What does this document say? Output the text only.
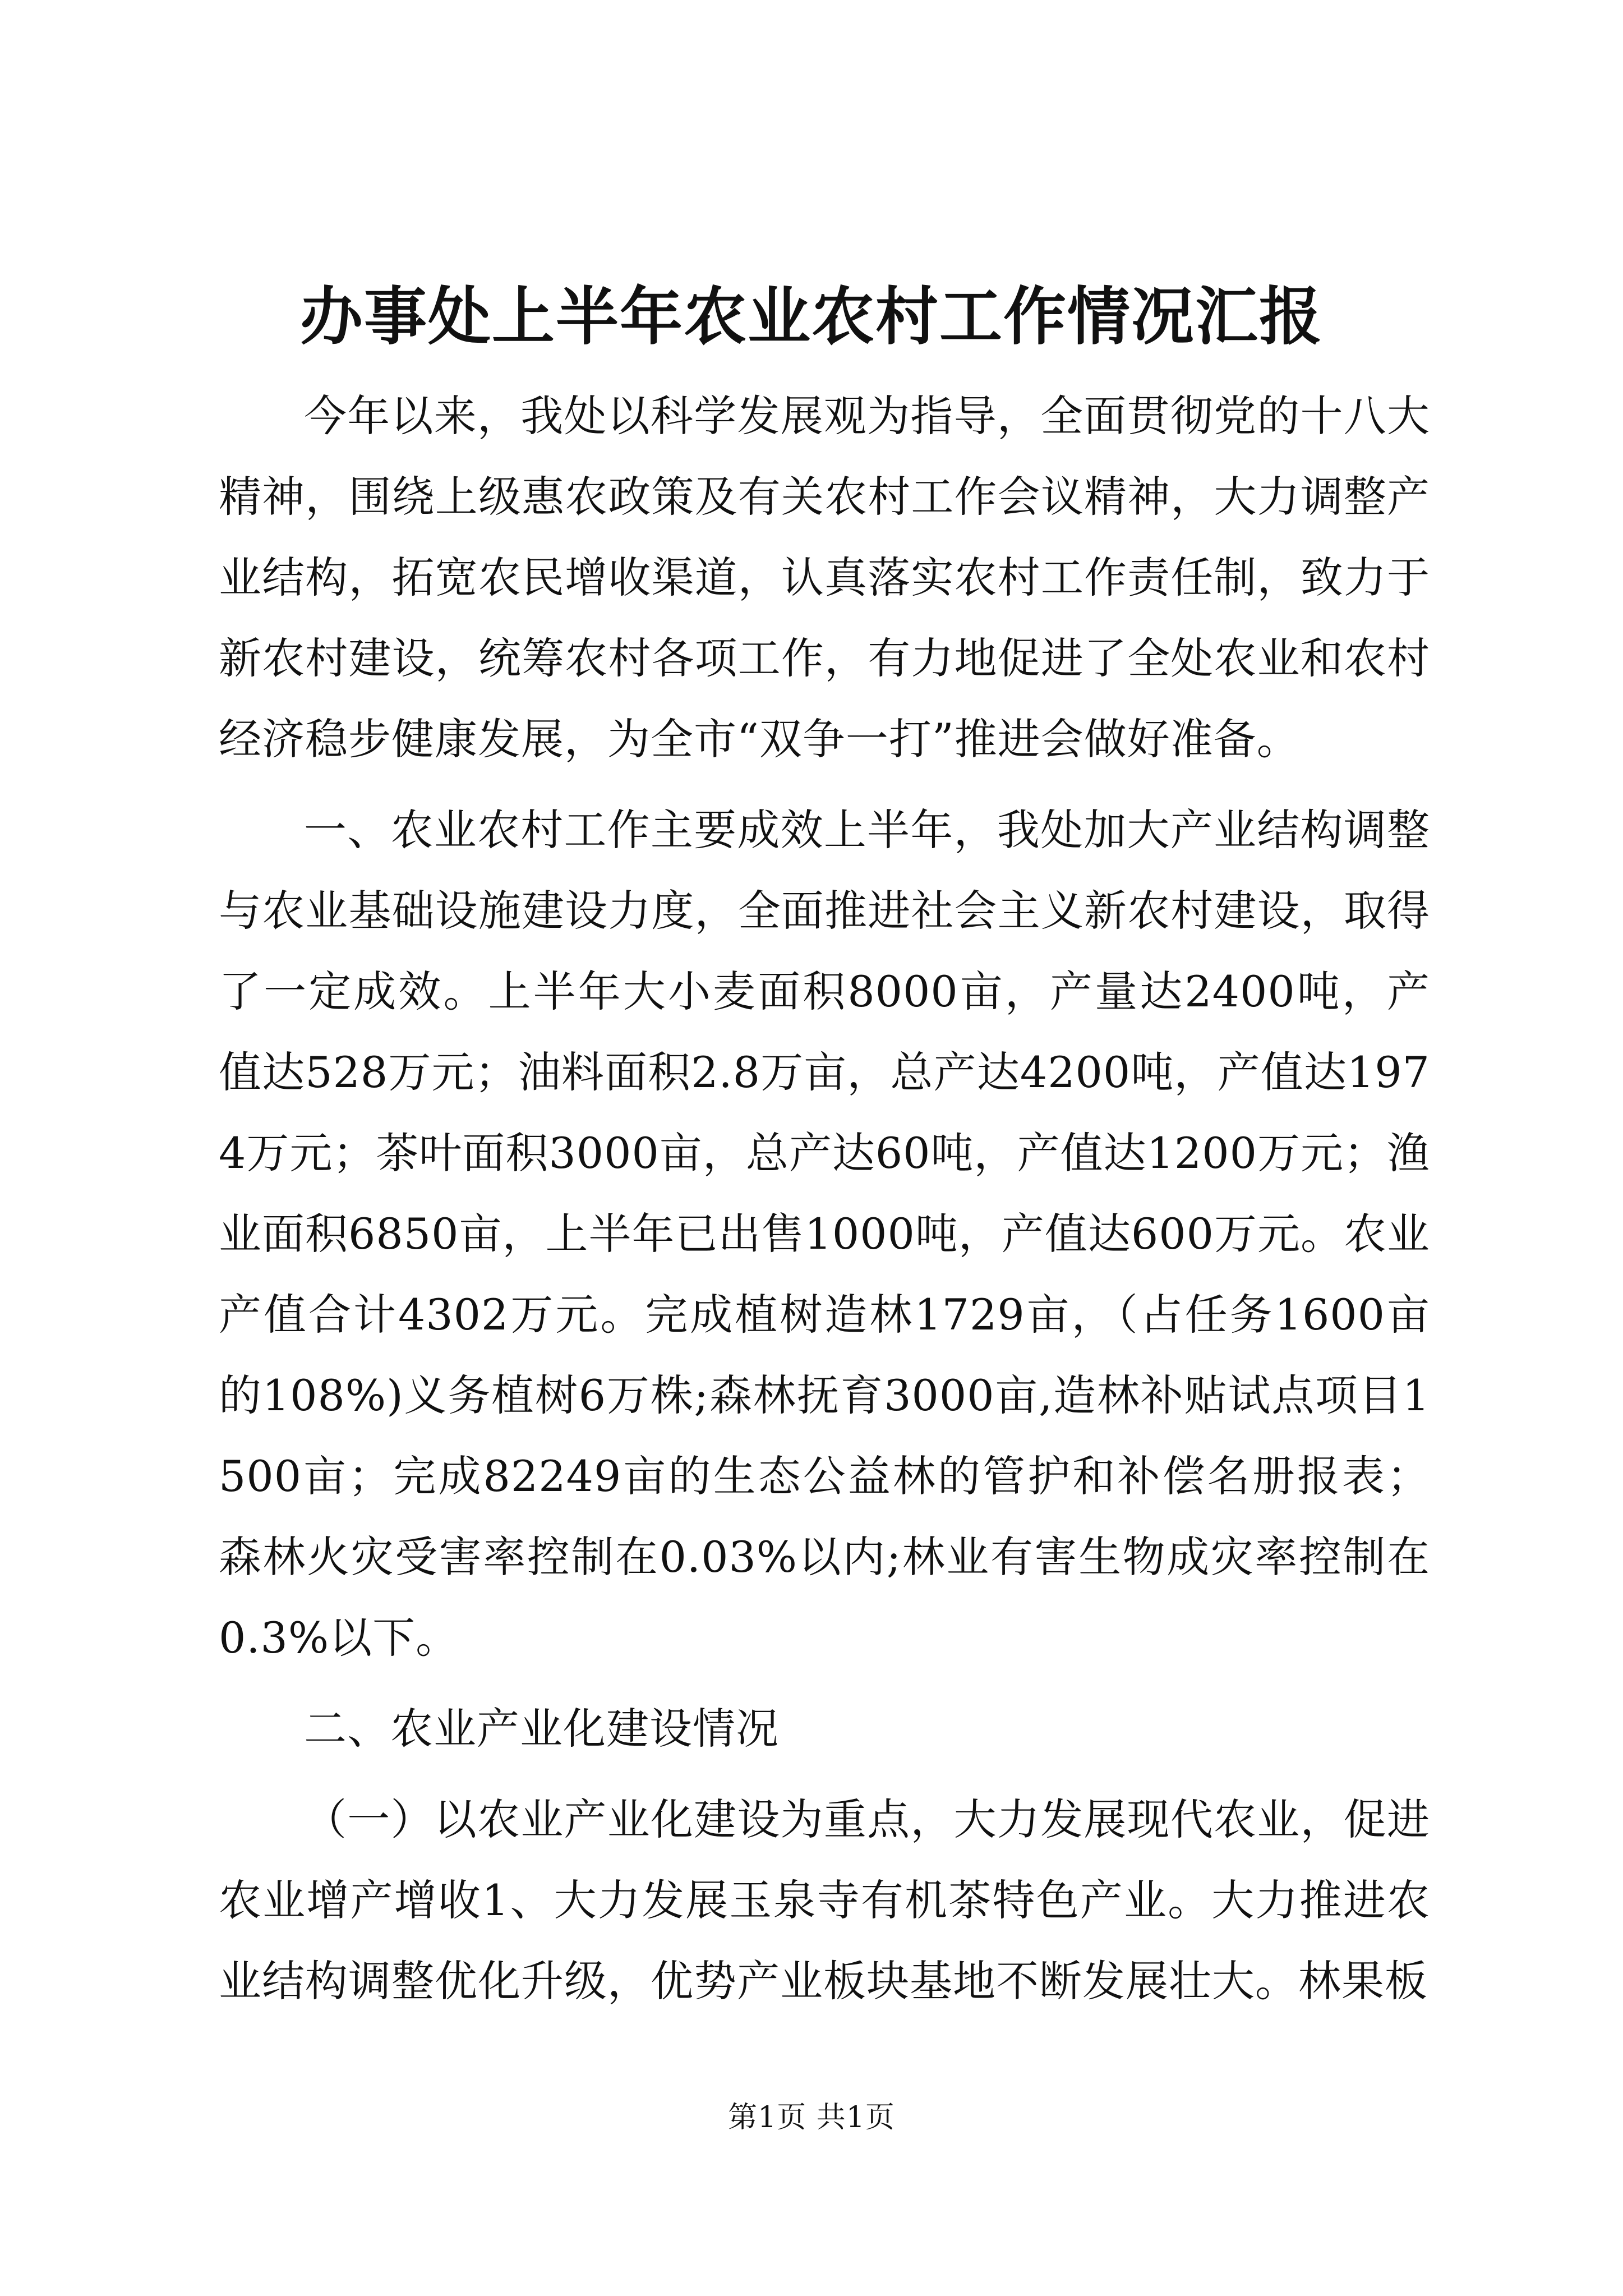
办事处上半年农业农村工作情况汇报

今年以来，我处以科学发展观为指导，全面贯彻党的十八大精神，围绕上级惠农政策及有关农村工作会议精神，大力调整产业结构，拓宽农民增收渠道，认真落实农村工作责任制，致力于新农村建设，统筹农村各项工作，有力地促进了全处农业和农村经济稳步健康发展，为全市“双争一打”推进会做好准备。

一、农业农村工作主要成效上半年，我处加大产业结构调整与农业基础设施建设力度，全面推进社会主义新农村建设，取得了一定成效。上半年大小麦面积8000亩，产量达2400吨，产值达528万元；油料面积2.8万亩，总产达4200吨，产值达1974万元；茶叶面积3000亩，总产达60吨，产值达1200万元；渔业面积6850亩，上半年已出售1000吨，产值达600万元。农业产值合计4302万元。完成植树造林1729亩，（占任务1600亩的108%)义务植树6万株;森林抚育3000亩,造林补贴试点项目1500亩；完成82249亩的生态公益林的管护和补偿名册报表；森林火灾受害率控制在0.03%以内;林业有害生物成灾率控制在0.3%以下。

二、农业产业化建设情况

（一）以农业产业化建设为重点，大力发展现代农业，促进农业增产增收1、大力发展玉泉寺有机茶特色产业。大力推进农业结构调整优化升级，优势产业板块基地不断发展壮大。林果板

第1页 共1页
